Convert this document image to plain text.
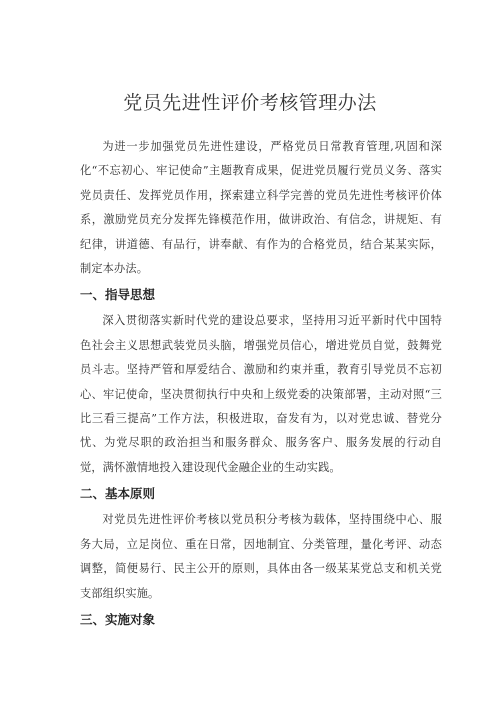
党员先进性评价考核管理办法

为进一步加强党员先进性建设，严格党员日常教育管理,巩固和深化“不忘初心、牢记使命”主题教育成果，促进党员履行党员义务、落实党员责任、发挥党员作用，探索建立科学完善的党员先进性考核评价体系，激励党员充分发挥先锋模范作用，做讲政治、有信念，讲规矩、有纪律，讲道德、有品行，讲奉献、有作为的合格党员，结合某某实际，制定本办法。

一、指导思想

深入贯彻落实新时代党的建设总要求，坚持用习近平新时代中国特色社会主义思想武装党员头脑，增强党员信心，增进党员自觉，鼓舞党员斗志。坚持严管和厚爱结合、激励和约束并重，教育引导党员不忘初心、牢记使命，坚决贯彻执行中央和上级党委的决策部署，主动对照“三比三看三提高”工作方法，积极进取，奋发有为，以对党忠诚、替党分忧、为党尽职的政治担当和服务群众、服务客户、服务发展的行动自觉，满怀激情地投入建设现代金融企业的生动实践。

二、基本原则

对党员先进性评价考核以党员积分考核为载体，坚持围绕中心、服务大局，立足岗位、重在日常，因地制宜、分类管理，量化考评、动态调整，简便易行、民主公开的原则，具体由各一级某某党总支和机关党支部组织实施。

三、实施对象
